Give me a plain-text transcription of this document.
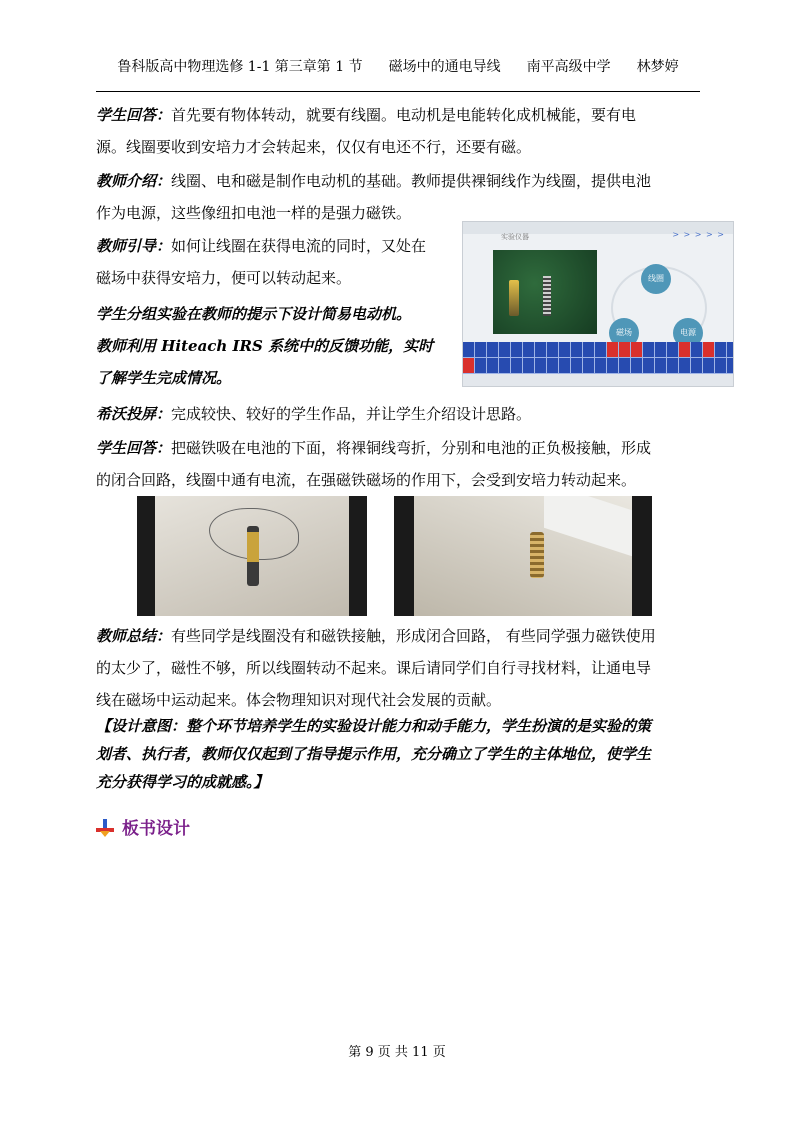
鲁科版高中物理选修 1-1 第三章第 1 节 磁场中的通电导线 南平高级中学 林梦婷
学生回答：首先要有物体转动，就要有线圈。电动机是电能转化成机械能，要有电
源。线圈要收到安培力才会转起来，仅仅有电还不行，还要有磁。
教师介绍：线圈、电和磁是制作电动机的基础。教师提供裸铜线作为线圈，提供电池
作为电源，这些像纽扣电池一样的是强力磁铁。
教师引导：如何让线圈在获得电流的同时，又处在
磁场中获得安培力，便可以转动起来。
学生分组实验在教师的提示下设计简易电动机。
教师利用 Hiteach IRS 系统中的反馈功能，实时
了解学生完成情况。
实验仪器	> > > > >
线圈
磁场	电源
希沃投屏：完成较快、较好的学生作品，并让学生介绍设计思路。
学生回答：把磁铁吸在电池的下面，将裸铜线弯折，分别和电池的正负极接触，形成
的闭合回路，线圈中通有电流，在强磁铁磁场的作用下，会受到安培力转动起来。
教师总结：有些同学是线圈没有和磁铁接触，形成闭合回路， 有些同学强力磁铁使用
的太少了，磁性不够，所以线圈转动不起来。课后请同学们自行寻找材料，让通电导
线在磁场中运动起来。体会物理知识对现代社会发展的贡献。
【设计意图：整个环节培养学生的实验设计能力和动手能力，学生扮演的是实验的策
划者、执行者，教师仅仅起到了指导提示作用，充分确立了学生的主体地位，使学生
充分获得学习的成就感。】
板书设计
第 9 页 共 11 页
